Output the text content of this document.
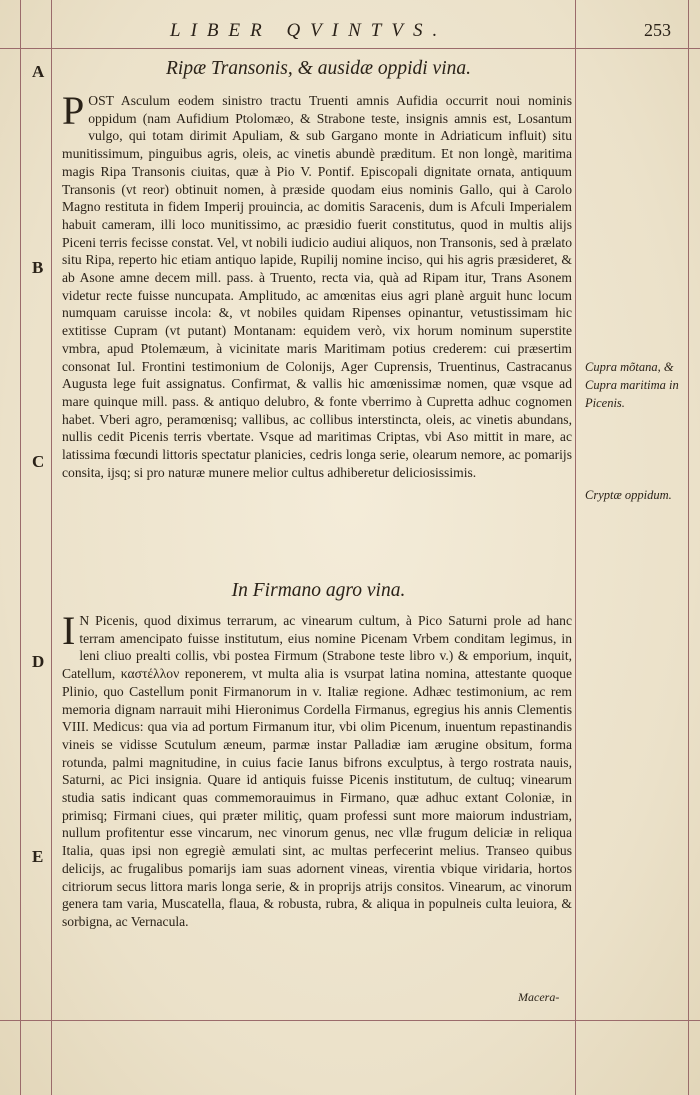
LIBER QVINTVS.	253
A
B
C
D
E
Ripæ Transonis, & ausidæ oppidi vina.

POST Asculum eodem sinistro tractu Truenti amnis Aufidia occurrit noui nominis oppidum (nam Aufidium Ptolomæo, & Strabone teste, insignis amnis est, Losantum vulgo, qui totam dirimit Apuliam, & sub Gargano monte in Adriaticum influit) situ munitissimum, pinguibus agris, oleis, ac vinetis abundè præditum. Et non longè, maritima magis Ripa Transonis ciuitas, quæ à Pio V. Pontif. Episcopali dignitate ornata, antiquum Transonis (vt reor) obtinuit nomen, à præside quodam eius nominis Gallo, qui à Carolo Magno restituta in fidem Imperij prouincia, ac domitis Saracenis, dum is Afculi Imperialem habuit cameram, illi loco munitissimo, ac præsidio fuerit constitutus, quod in multis alijs Piceni terris fecisse constat. Vel, vt nobili iudicio audiui aliquos, non Transonis, sed à prælato situ Ripa, reperto hic etiam antiquo lapide, Rupilij nomine inciso, qui his agris præsideret, & ab Asone amne decem mill. pass. à Truento, recta via, quà ad Ripam itur, Trans Asonem videtur recte fuisse nuncupata. Amplitudo, ac amœnitas eius agri planè arguit hunc locum numquam caruisse incola: &, vt nobiles quidam Ripenses opinantur, vetustissimam hic extitisse Cupram (vt putant) Montanam: equidem verò, vix horum nominum superstite vmbra, apud Ptolemæum, à vicinitate maris Maritimam potius crederem: cui præsertim consonat Iul. Frontini testimonium de Colonijs, Ager Cuprensis, Truentinus, Castracanus Augusta lege fuit assignatus. Confirmat, & vallis hic amœnissimæ nomen, quæ vsque ad mare quinque mill. pass. & antiquo delubro, & fonte vberrimo à Cupretta adhuc cognomen habet. Vberi agro, peramœnisq; vallibus, ac collibus interstincta, oleis, ac vinetis abundans, nullis cedit Picenis terris vbertate. Vsque ad maritimas Criptas, vbi Aso mittit in mare, ac latissima fœcundi littoris spectatur planicies, cedris longa serie, olearum nemore, ac pomarijs consita, ijsq; si pro naturæ munere melior cultus adhiberetur deliciosissimis.

In Firmano agro vina.

I N Picenis, quod diximus terrarum, ac vinearum cultum, à Pico Saturni prole ad hanc terram amencipato fuisse institutum, eius nomine Picenam Vrbem conditam legimus, in leni cliuo prealti collis, vbi postea Firmum (Strabone teste libro v.) & emporium, inquit, Catellum, καστέλλον reponerem, vt multa alia is vsurpat latina nomina, attestante quoque Plinio, quo Castellum ponit Firmanorum in v. Italiæ regione. Adhæc testimonium, ac rem memoria dignam narrauit mihi Hieronimus Cordella Firmanus, egregius his annis Clementis VIII. Medicus: qua via ad portum Firmanum itur, vbi olim Picenum, inuentum repastinandis vineis se vidisse Scutulum æneum, parmæ instar Palladiæ iam ærugine obsitum, forma rotunda, palmi magnitudine, in cuius facie Ianus bifrons exculptus, à tergo rostrata nauis, Saturni, ac Pici insignia. Quare id antiquis fuisse Picenis institutum, de cultuq; vinearum studia satis indicant quas commemorauimus in Firmano, quæ adhuc extant Coloniæ, in primisq; Firmani ciues, qui præter militiç, quam professi sunt more maiorum industriam, nullum profitentur esse vincarum, nec vinorum genus, nec vllæ frugum deliciæ in reliqua Italia, quas ipsi non egregiè æmulati sint, ac multas perfecerint melius. Transeo quibus delicijs, ac frugalibus pomarijs iam suas adornent vineas, virentia vbique viridaria, hortos citriorum secus littora maris longa serie, & in proprijs atrijs consitos. Vinearum, ac vinorum genera tam varia, Muscatella, flaua, & robusta, rubra, & aliqua in populneis culta leuiora, & sorbigna, ac Vernacula.

Macera-

Cupra mõtana, & Cupra maritima in Picenis.

Cryptæ oppidum.
